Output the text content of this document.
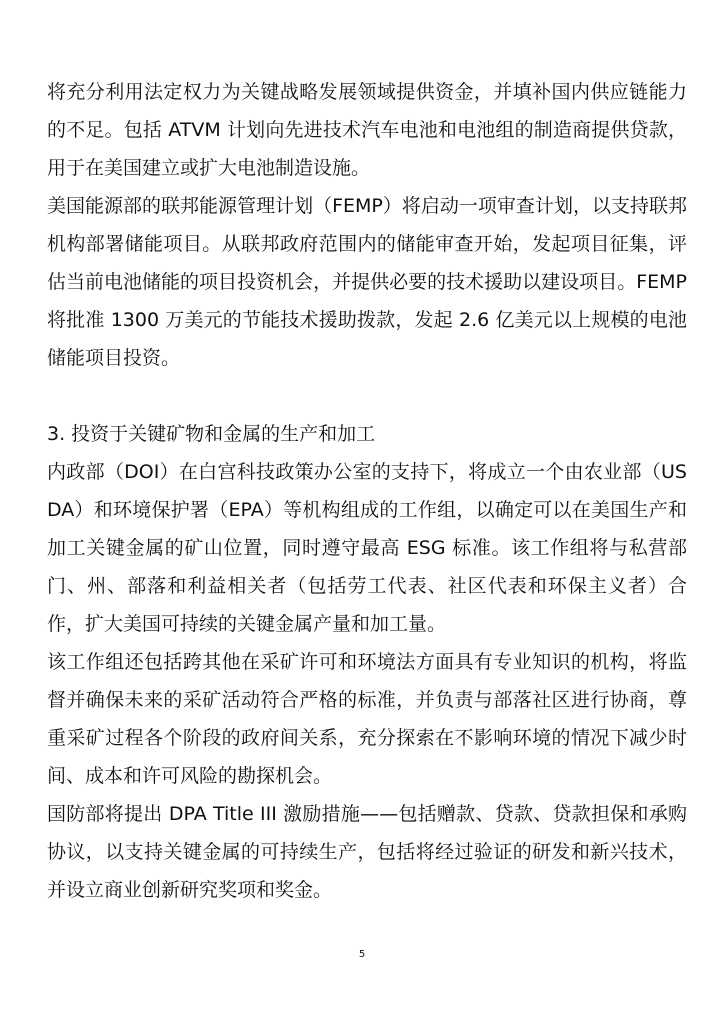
将充分利用法定权力为关键战略发展领域提供资金，并填补国内供应链能力的不足。包括 ATVM 计划向先进技术汽车电池和电池组的制造商提供贷款，用于在美国建立或扩大电池制造设施。

美国能源部的联邦能源管理计划（FEMP）将启动一项审查计划，以支持联邦机构部署储能项目。从联邦政府范围内的储能审查开始，发起项目征集，评估当前电池储能的项目投资机会，并提供必要的技术援助以建设项目。FEMP 将批准 1300 万美元的节能技术援助拨款，发起 2.6 亿美元以上规模的电池储能项目投资。

3. 投资于关键矿物和金属的生产和加工

内政部（DOI）在白宫科技政策办公室的支持下，将成立一个由农业部（USDA）和环境保护署（EPA）等机构组成的工作组，以确定可以在美国生产和加工关键金属的矿山位置，同时遵守最高 ESG 标准。该工作组将与私营部门、州、部落和利益相关者（包括劳工代表、社区代表和环保主义者）合作，扩大美国可持续的关键金属产量和加工量。

该工作组还包括跨其他在采矿许可和环境法方面具有专业知识的机构，将监督并确保未来的采矿活动符合严格的标准，并负责与部落社区进行协商，尊重采矿过程各个阶段的政府间关系，充分探索在不影响环境的情况下减少时间、成本和许可风险的勘探机会。

国防部将提出 DPA Title III 激励措施——包括赠款、贷款、贷款担保和承购协议，以支持关键金属的可持续生产，包括将经过验证的研发和新兴技术，并设立商业创新研究奖项和奖金。

5
